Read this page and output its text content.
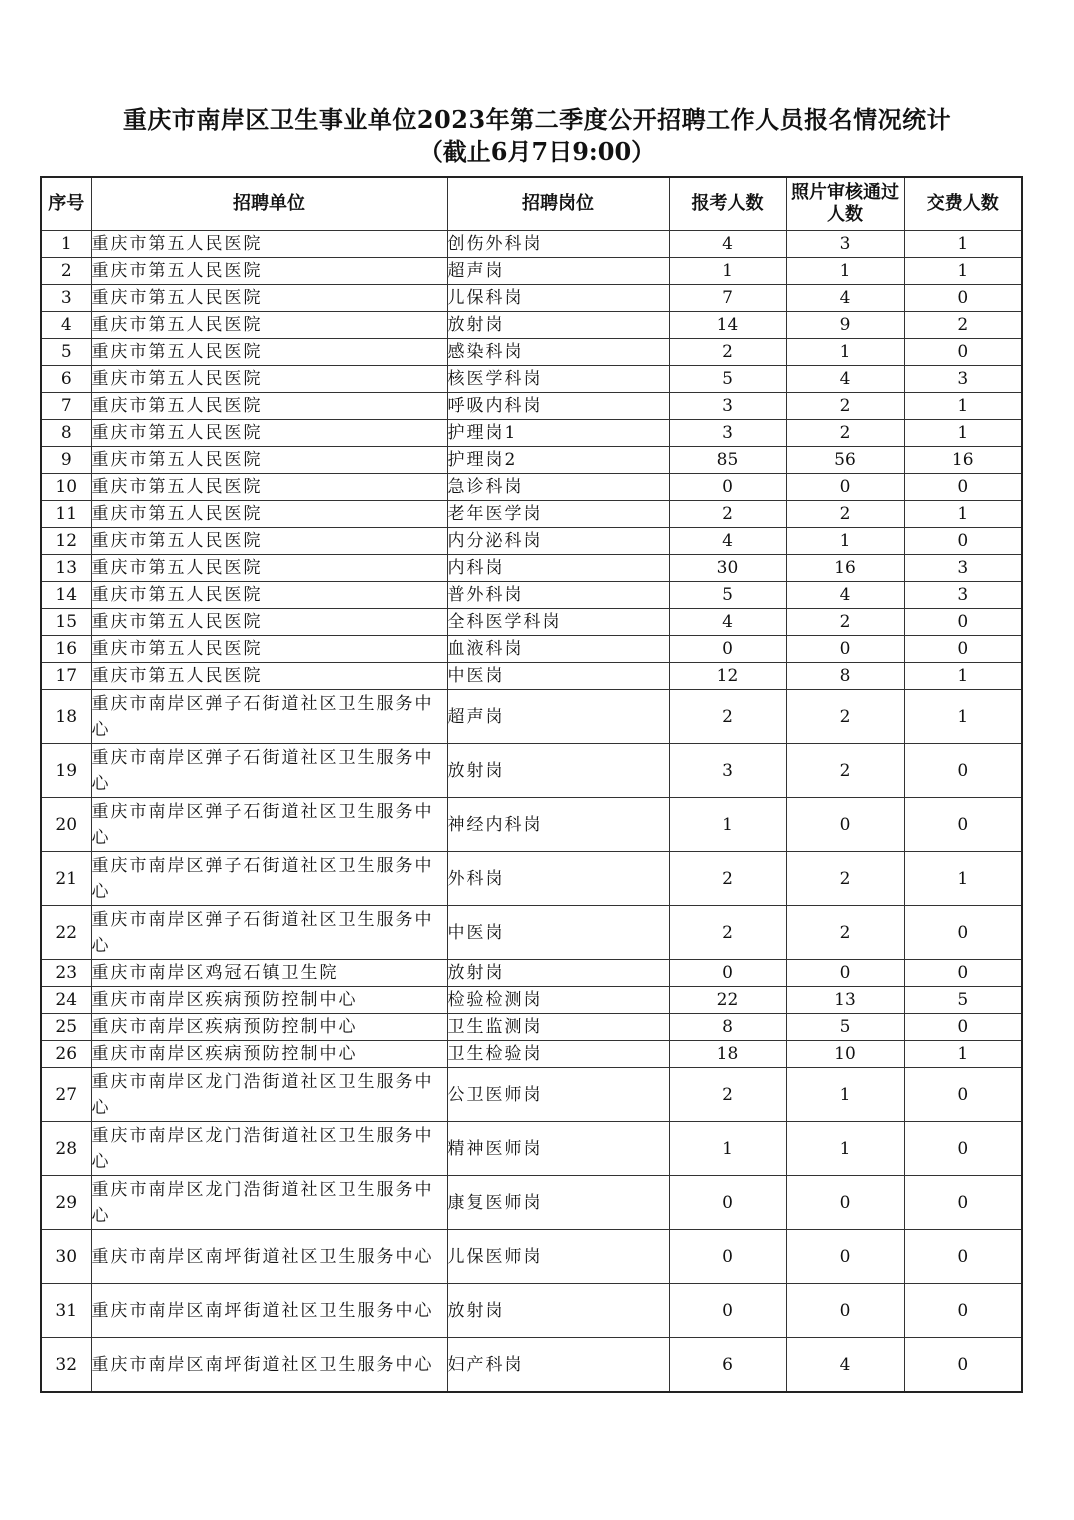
重庆市南岸区卫生事业单位2023年第二季度公开招聘工作人员报名情况统计
（截止6月7日9:00）
序号	招聘单位	招聘岗位	报考人数	照片审核通过人数	交费人数
1	重庆市第五人民医院	创伤外科岗	4	3	1
2	重庆市第五人民医院	超声岗	1	1	1
3	重庆市第五人民医院	儿保科岗	7	4	0
4	重庆市第五人民医院	放射岗	14	9	2
5	重庆市第五人民医院	感染科岗	2	1	0
6	重庆市第五人民医院	核医学科岗	5	4	3
7	重庆市第五人民医院	呼吸内科岗	3	2	1
8	重庆市第五人民医院	护理岗1	3	2	1
9	重庆市第五人民医院	护理岗2	85	56	16
10	重庆市第五人民医院	急诊科岗	0	0	0
11	重庆市第五人民医院	老年医学岗	2	2	1
12	重庆市第五人民医院	内分泌科岗	4	1	0
13	重庆市第五人民医院	内科岗	30	16	3
14	重庆市第五人民医院	普外科岗	5	4	3
15	重庆市第五人民医院	全科医学科岗	4	2	0
16	重庆市第五人民医院	血液科岗	0	0	0
17	重庆市第五人民医院	中医岗	12	8	1
18	重庆市南岸区弹子石街道社区卫生服务中心	超声岗	2	2	1
19	重庆市南岸区弹子石街道社区卫生服务中心	放射岗	3	2	0
20	重庆市南岸区弹子石街道社区卫生服务中心	神经内科岗	1	0	0
21	重庆市南岸区弹子石街道社区卫生服务中心	外科岗	2	2	1
22	重庆市南岸区弹子石街道社区卫生服务中心	中医岗	2	2	0
23	重庆市南岸区鸡冠石镇卫生院	放射岗	0	0	0
24	重庆市南岸区疾病预防控制中心	检验检测岗	22	13	5
25	重庆市南岸区疾病预防控制中心	卫生监测岗	8	5	0
26	重庆市南岸区疾病预防控制中心	卫生检验岗	18	10	1
27	重庆市南岸区龙门浩街道社区卫生服务中心	公卫医师岗	2	1	0
28	重庆市南岸区龙门浩街道社区卫生服务中心	精神医师岗	1	1	0
29	重庆市南岸区龙门浩街道社区卫生服务中心	康复医师岗	0	0	0
30	重庆市南岸区南坪街道社区卫生服务中心	儿保医师岗	0	0	0
31	重庆市南岸区南坪街道社区卫生服务中心	放射岗	0	0	0
32	重庆市南岸区南坪街道社区卫生服务中心	妇产科岗	6	4	0
